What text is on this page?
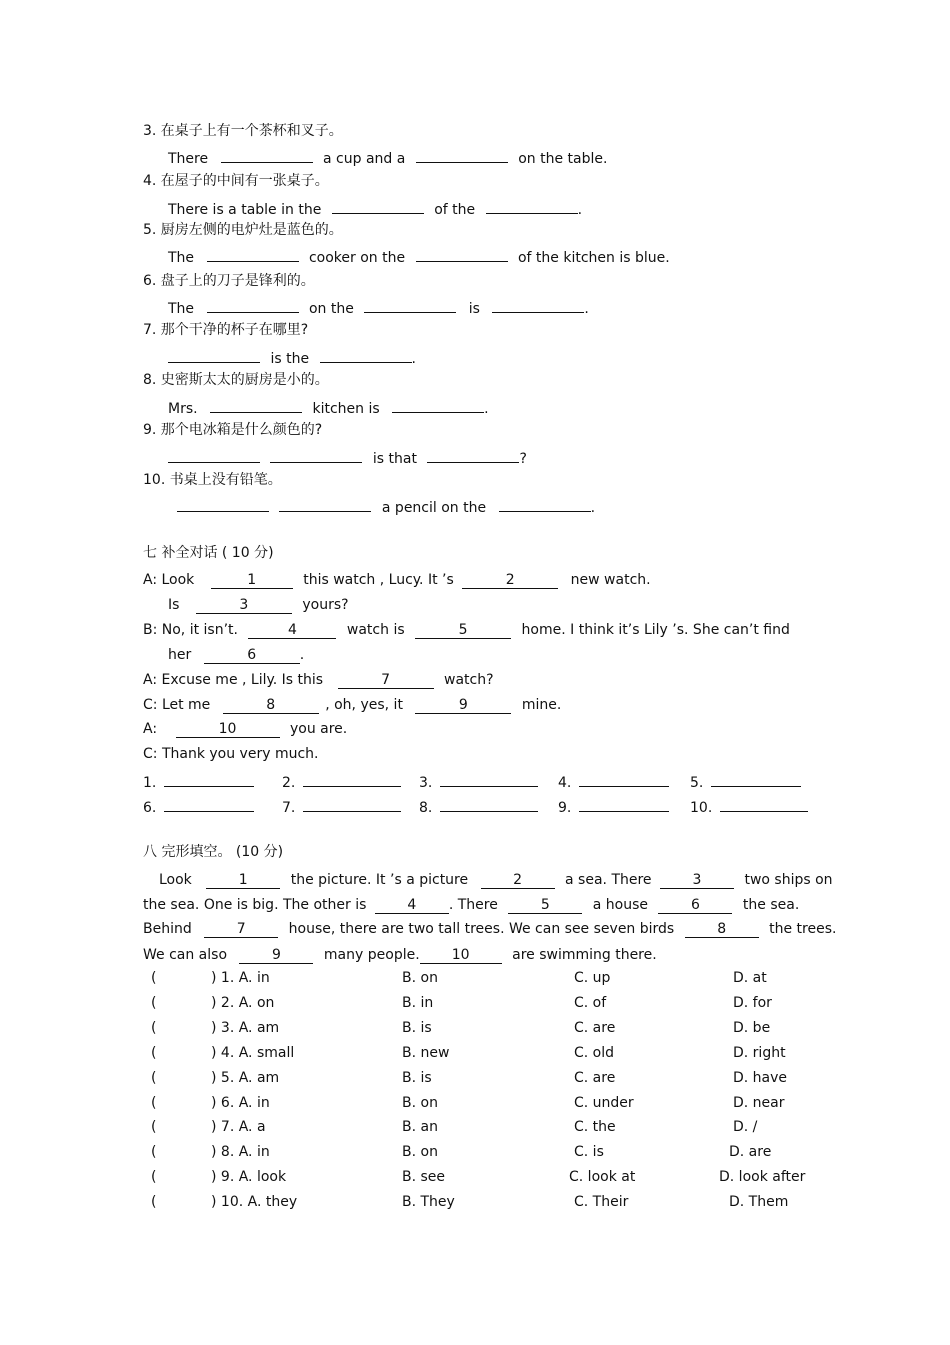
3. 在桌子上有一个茶杯和叉子。
There	a cup and a	on the table.
4. 在屋子的中间有一张桌子。
There is a table in the	of the	.
5. 厨房左侧的电炉灶是蓝色的。
The	cooker on the	of the kitchen is blue.
6. 盘子上的刀子是锋利的。
The	on the	is	.
7. 那个干净的杯子在哪里?
is the	.
8. 史密斯太太的厨房是小的。
Mrs.	kitchen is	.
9. 那个电冰箱是什么颜色的?
is that	?
10. 书桌上没有铅笔。
a pencil on the	.
七 补全对话 ( 10 分)
A: Look	1	this watch , Lucy. It ’s	2	new watch.
Is	3	yours?
B: No, it isn’t.	4	watch is	5	home. I think it’s Lily ’s. She can’t find
her	6	.
A: Excuse me , Lily. Is this	7	watch?
C: Let me	8	, oh, yes, it	9	mine.
A:	10	you are.
C: Thank you very much.
1.	2.	3.	4.	5.
6.	7.	8.	9.	10.
八 完形填空。 (10 分)
Look	1	the picture. It ’s a picture	2	a sea. There	3	two ships on
the sea. One is big. The other is	4 . There	5	a house	6	the sea.
Behind	7	house, there are two tall trees. We can see seven birds	8	the trees.
We can also	9	many people. 10	are swimming there.
(	) 1. A. in	B. on	C. up	D. at
(	) 2. A. on	B. in	C. of	D. for
(	) 3. A. am	B. is	C. are	D. be
(	) 4. A. small	B. new	C. old	D. right
(	) 5. A. am	B. is	C. are	D. have
(	) 6. A. in	B. on	C. under	D. near
(	) 7. A. a	B. an	C. the	D. /
(	) 8. A. in	B. on	C. is	D. are
(	) 9. A. look	B. see	C. look at	D. look after
(	) 10. A. they	B. They	C. Their	D. Them
